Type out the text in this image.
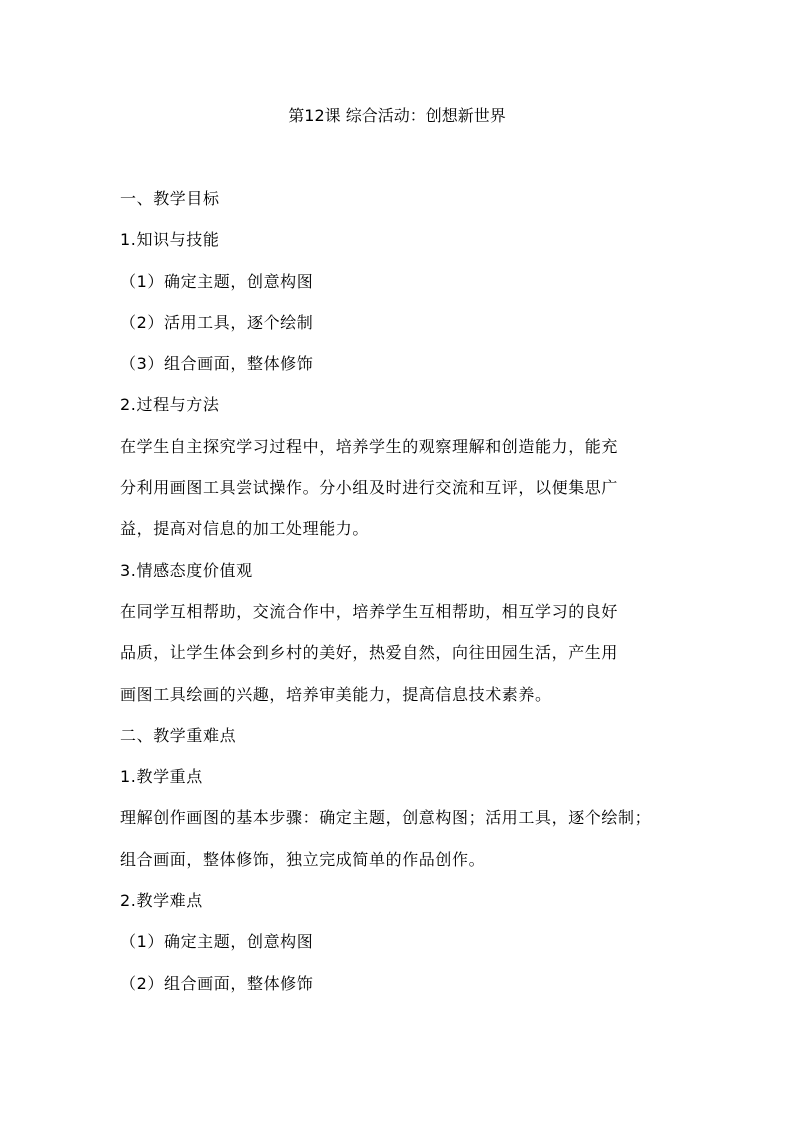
第12课 综合活动：创想新世界
一、教学目标
1.知识与技能
（1）确定主题，创意构图
（2）活用工具，逐个绘制
（3）组合画面，整体修饰
2.过程与方法
在学生自主探究学习过程中，培养学生的观察理解和创造能力，能充
分利用画图工具尝试操作。分小组及时进行交流和互评，以便集思广
益，提高对信息的加工处理能力。
3.情感态度价值观
在同学互相帮助，交流合作中，培养学生互相帮助，相互学习的良好
品质，让学生体会到乡村的美好，热爱自然，向往田园生活，产生用
画图工具绘画的兴趣，培养审美能力，提高信息技术素养。
二、教学重难点
1.教学重点
理解创作画图的基本步骤：确定主题，创意构图；活用工具，逐个绘制；
组合画面，整体修饰，独立完成简单的作品创作。
2.教学难点
（1）确定主题，创意构图
（2）组合画面，整体修饰
